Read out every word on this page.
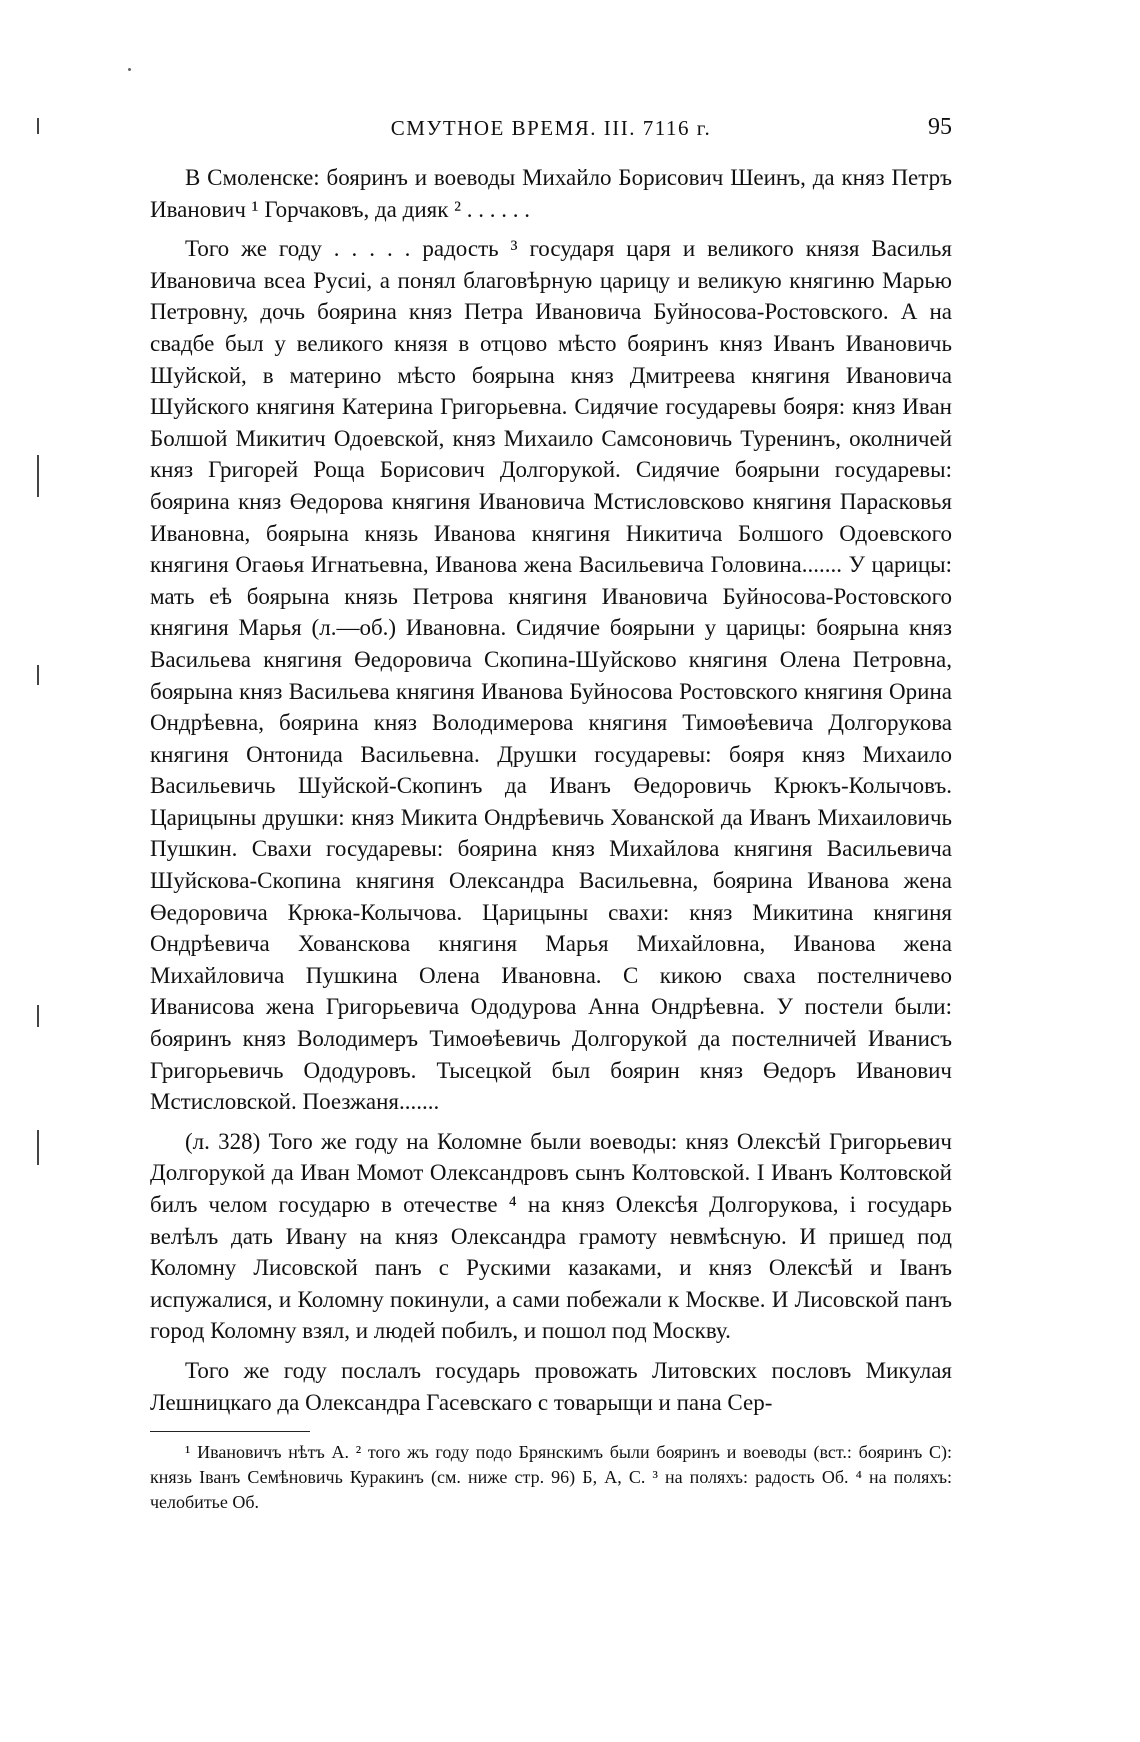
СМУТНОЕ ВРЕМЯ. III. 7116 г.	95

В Смоленске: бояринъ и воеводы Михайло Борисович Шеинъ, да княз Петръ Иванович ¹ Горчаковъ, да дияк ² . . . . . .

Того же году . . . . . радость ³ государя царя и великого князя Василья Ивановича всеа Русиі, а понял благовѣрную царицу и великую княгиню Марью Петровну, дочь боярина княз Петра Ивановича Буйносова-Ростовского. А на свадбе был у великого князя в отцово мѣсто бояринъ княз Иванъ Ивановичь Шуйской, в материно мѣсто боярына княз Дмитреева княгиня Ивановича Шуйского княгиня Катерина Григорьевна. Сидячие государевы бояря: княз Иван Болшой Микитич Одоевской, княз Михаило Самсоновичь Туренинъ, околничей княз Григорей Роща Борисович Долгорукой. Сидячие боярыни государевы: боярина княз Өедорова княгиня Ивановича Мстисловсково княгиня Парасковья Ивановна, боярына князь Иванова княгиня Никитича Болшого Одоевского княгиня Огаөья Игнатьевна, Иванова жена Васильевича Головина....... У царицы: мать еѣ боярына князь Петрова княгиня Ивановича Буйносова-Ростовского княгиня Марья (л.—об.) Ивановна. Сидячие боярыни у царицы: боярына княз Васильева княгиня Өедоровича Скопина-Шуйсково княгиня Олена Петровна, боярына княз Васильева княгиня Иванова Буйносова Ростовского княгиня Орина Ондрѣевна, боярина княз Володимерова княгиня Тимоөѣевича Долгорукова княгиня Онтонида Васильевна. Друшки государевы: бояря княз Михаило Васильевичь Шуйской-Скопинъ да Иванъ Өедоровичь Крюкъ-Колычовъ. Царицыны друшки: княз Микита Ондрѣевичь Хованской да Иванъ Михаиловичь Пушкин. Свахи государевы: боярина княз Михайлова княгиня Васильевича Шуйскова-Скопина княгиня Олександра Васильевна, боярина Иванова жена Өедоровича Крюка-Колычова. Царицыны свахи: княз Микитина княгиня Ондрѣевича Хованскова княгиня Марья Михайловна, Иванова жена Михайловича Пушкина Олена Ивановна. С кикою сваха постелничево Иванисова жена Григорьевича Ододурова Анна Ондрѣевна. У постели были: бояринъ княз Володимеръ Тимоөѣевичь Долгорукой да постелничей Иванисъ Григорьевичь Ододуровъ. Тысецкой был боярин княз Өедоръ Иванович Мстисловской. Поезжаня.......

(л. 328) Того же году на Коломне были воеводы: княз Олексѣй Григорьевич Долгорукой да Иван Момот Олександровъ сынъ Колтовской. І Иванъ Колтовской билъ челом государю в отечестве ⁴ на княз Олексѣя Долгорукова, і государь велѣлъ дать Ивану на княз Олександра грамоту невмѣсную. И пришед под Коломну Лисовской панъ с Рускими казаками, и княз Олексѣй и Іванъ испужалися, и Коломну покинули, а сами побежали к Москве. И Лисовской панъ город Коломну взял, и людей побилъ, и пошол под Москву.

Того же году послалъ государь провожать Литовских пословъ Микулая Лешницкаго да Олександра Гасевскаго с товарыщи и пана Сер-

¹ Ивановичъ нѣтъ А. ² того жъ году подо Брянскимъ были бояринъ и воеводы (вст.: бояринъ С): князь Іванъ Семѣновичь Куракинъ (см. ниже стр. 96) Б, А, С. ³ на поляхъ: радость Об. ⁴ на поляхъ: челобитье Об.
